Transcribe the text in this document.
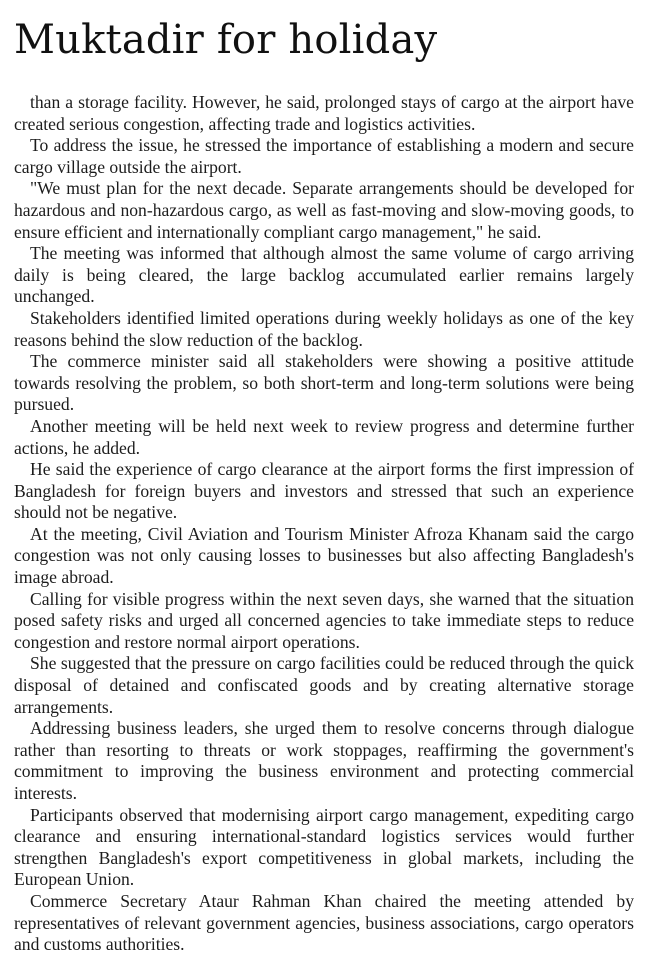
Muktadir for holiday

than a storage facility. However, he said, prolonged stays of cargo at the airport have created serious congestion, affecting trade and logistics activities.

To address the issue, he stressed the importance of establishing a modern and secure cargo village outside the airport.

"We must plan for the next decade. Separate arrangements should be developed for hazardous and non-hazardous cargo, as well as fast-moving and slow-moving goods, to ensure efficient and internationally compliant cargo management," he said.

The meeting was informed that although almost the same volume of cargo arriving daily is being cleared, the large backlog accumulated earlier remains largely unchanged.

Stakeholders identified limited operations during weekly holidays as one of the key reasons behind the slow reduction of the backlog.

The commerce minister said all stakeholders were showing a positive attitude towards resolving the problem, so both short-term and long-term solutions were being pursued.

Another meeting will be held next week to review progress and determine further actions, he added.

He said the experience of cargo clearance at the airport forms the first impression of Bangladesh for foreign buyers and investors and stressed that such an experience should not be negative.

At the meeting, Civil Aviation and Tourism Minister Afroza Khanam said the cargo congestion was not only causing losses to businesses but also affecting Bangladesh's image abroad.

Calling for visible progress within the next seven days, she warned that the situation posed safety risks and urged all concerned agencies to take immediate steps to reduce congestion and restore normal airport operations.

She suggested that the pressure on cargo facilities could be reduced through the quick disposal of detained and confiscated goods and by creating alternative storage arrangements.

Addressing business leaders, she urged them to resolve concerns through dialogue rather than resorting to threats or work stoppages, reaffirming the government's commitment to improving the business environment and protecting commercial interests.

Participants observed that modernising airport cargo management, expediting cargo clearance and ensuring international-standard logistics services would further strengthen Bangladesh's export competitiveness in global markets, including the European Union.

Commerce Secretary Ataur Rahman Khan chaired the meeting attended by representatives of relevant government agencies, business associations, cargo operators and customs authorities.
